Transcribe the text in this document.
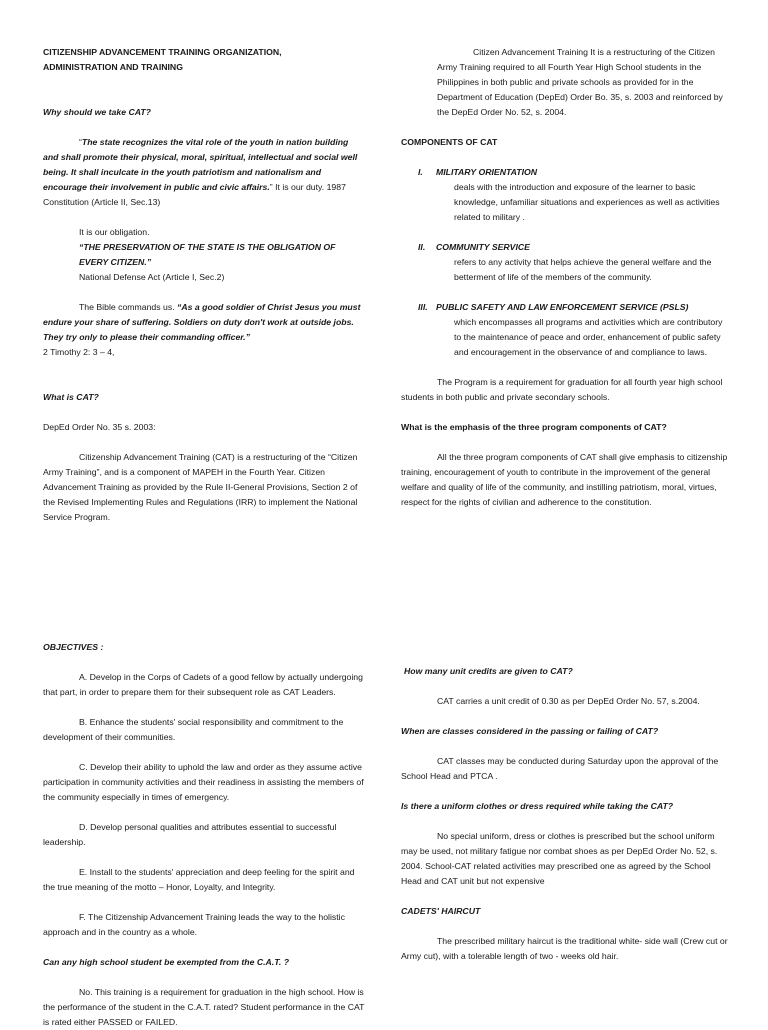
CITIZENSHIP ADVANCEMENT TRAINING ORGANIZATION,

ADMINISTRATION AND TRAINING

Why should we take CAT?

“The state recognizes the vital role of the youth in nation building and shall promote their physical, moral, spiritual, intellectual and social well being. It shall inculcate in the youth patriotism and nationalism and encourage their involvement in public and civic affairs.” It is our duty. 1987 Constitution (Article II, Sec.13)

It is our obligation.

“THE PRESERVATION OF THE STATE IS THE OBLIGATION OF EVERY CITIZEN.”

National Defense Act (Article I, Sec.2)

The Bible commands us. “As a good soldier of Christ Jesus you must endure your share of suffering. Soldiers on duty don't work at outside jobs. They try only to please their commanding officer.”

2 Timothy 2: 3 – 4,

What is CAT?

DepEd Order No. 35 s. 2003:

Citizenship Advancement Training (CAT) is a restructuring of the “Citizen Army Training”, and is a component of MAPEH in the Fourth Year. Citizen Advancement Training as provided by the Rule II-General Provisions, Section 2 of the Revised Implementing Rules and Regulations (IRR) to implement the National Service Program.

OBJECTIVES :

A. Develop in the Corps of Cadets of a good fellow by actually undergoing that part, in order to prepare them for their subsequent role as CAT Leaders.

B. Enhance the students' social responsibility and commitment to the development of their communities.

C. Develop their ability to uphold the law and order as they assume active participation in community activities and their readiness in assisting the members of the community especially in times of emergency.

D. Develop personal qualities and attributes essential to successful leadership.

E. Install to the students' appreciation and deep feeling for the spirit and the true meaning of the motto – Honor, Loyalty, and Integrity.

F. The Citizenship Advancement Training leads the way to the holistic approach and in the country as a whole.

Can any high school student be exempted from the C.A.T. ?

No. This training is a requirement for graduation in the high school. How is the performance of the student in the C.A.T. rated? Student performance in the CAT is rated either PASSED or FAILED.

Citizen Advancement Training It is a restructuring of the Citizen Army Training required to all Fourth Year High School students in the Philippines in both public and private schools as provided for in the Department of Education (DepEd) Order Bo. 35, s. 2003 and reinforced by the DepEd Order No. 52, s. 2004.

COMPONENTS OF CAT

I. MILITARY ORIENTATION

deals with the introduction and exposure of the learner to basic knowledge, unfamiliar situations and experiences as well as activities related to military .

II. COMMUNITY SERVICE

refers to any activity that helps achieve the general welfare and the betterment of life of the members of the community.

III. PUBLIC SAFETY AND LAW ENFORCEMENT SERVICE (PSLS)

which encompasses all programs and activities which are contributory to the maintenance of peace and order, enhancement of public safety and encouragement in the observance of and compliance to laws.

The Program is a requirement for graduation for all fourth year high school students in both public and private secondary schools.

What is the emphasis of the three program components of CAT?

All the three program components of CAT shall give emphasis to citizenship training, encouragement of youth to contribute in the improvement of the general welfare and quality of life of the community, and instilling patriotism, moral, virtues, respect for the rights of civilian and adherence to the constitution.

How many unit credits are given to CAT?

CAT carries a unit credit of 0.30 as per DepEd Order No. 57, s.2004.

When are classes considered in the passing or failing of CAT?

CAT classes may be conducted during Saturday upon the approval of the School Head and PTCA .

Is there a uniform clothes or dress required while taking the CAT?

No special uniform, dress or clothes is prescribed but the school uniform may be used, not military fatigue nor combat shoes as per DepEd Order No. 52, s. 2004. School-CAT related activities may prescribed one as agreed by the School Head and CAT unit but not expensive

CADETS' HAIRCUT

The prescribed military haircut is the traditional white- side wall (Crew cut or Army cut), with a tolerable length of two - weeks old hair.
